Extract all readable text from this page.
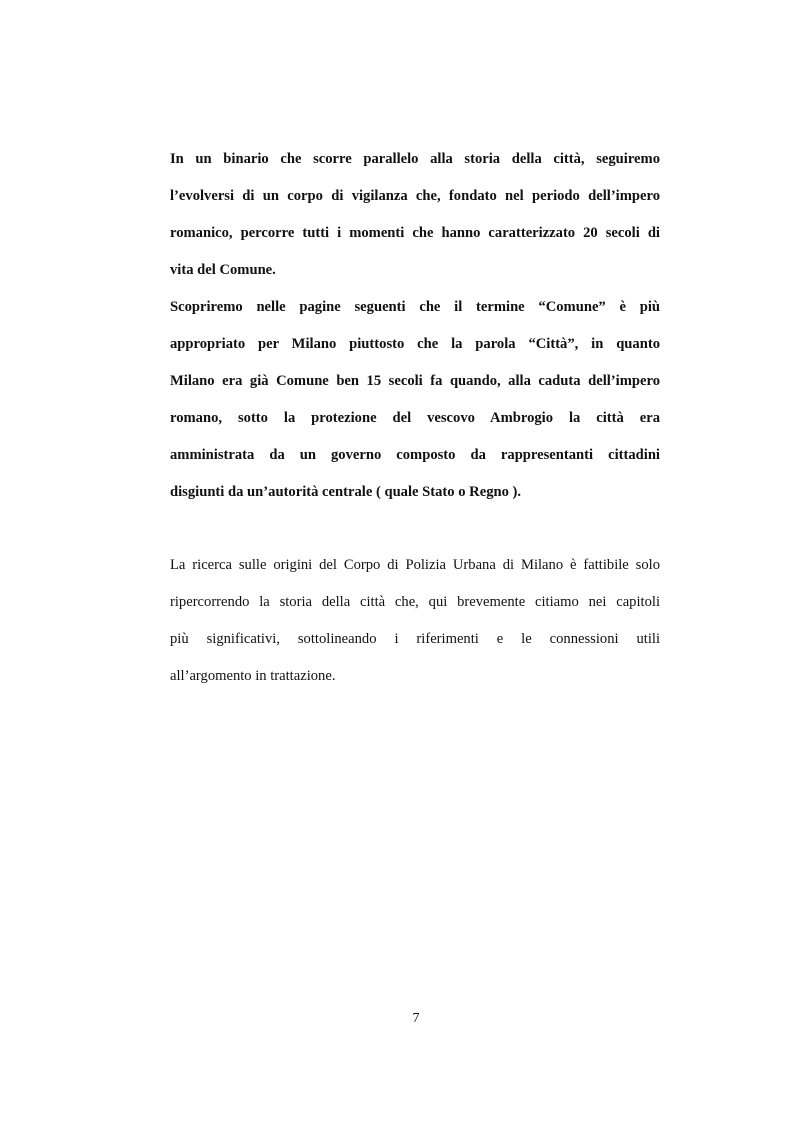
In un binario che scorre parallelo alla storia della città, seguiremo
l’evolversi di un corpo di vigilanza che, fondato nel periodo dell’impero
romanico, percorre tutti i momenti che hanno caratterizzato 20 secoli di
vita del Comune.
Scopriremo nelle pagine seguenti che il termine “Comune” è più
appropriato per Milano piuttosto che la parola “Città”, in quanto
Milano era già Comune ben 15 secoli fa quando, alla caduta dell’impero
romano, sotto la protezione del vescovo Ambrogio la città era
amministrata da un governo composto da rappresentanti cittadini
disgiunti da un’autorità centrale ( quale Stato o Regno ).
La ricerca sulle origini del Corpo di Polizia Urbana di Milano è fattibile solo
ripercorrendo la storia della città che, qui brevemente citiamo nei capitoli
più significativi, sottolineando i riferimenti e le connessioni utili
all’argomento in trattazione.
7
